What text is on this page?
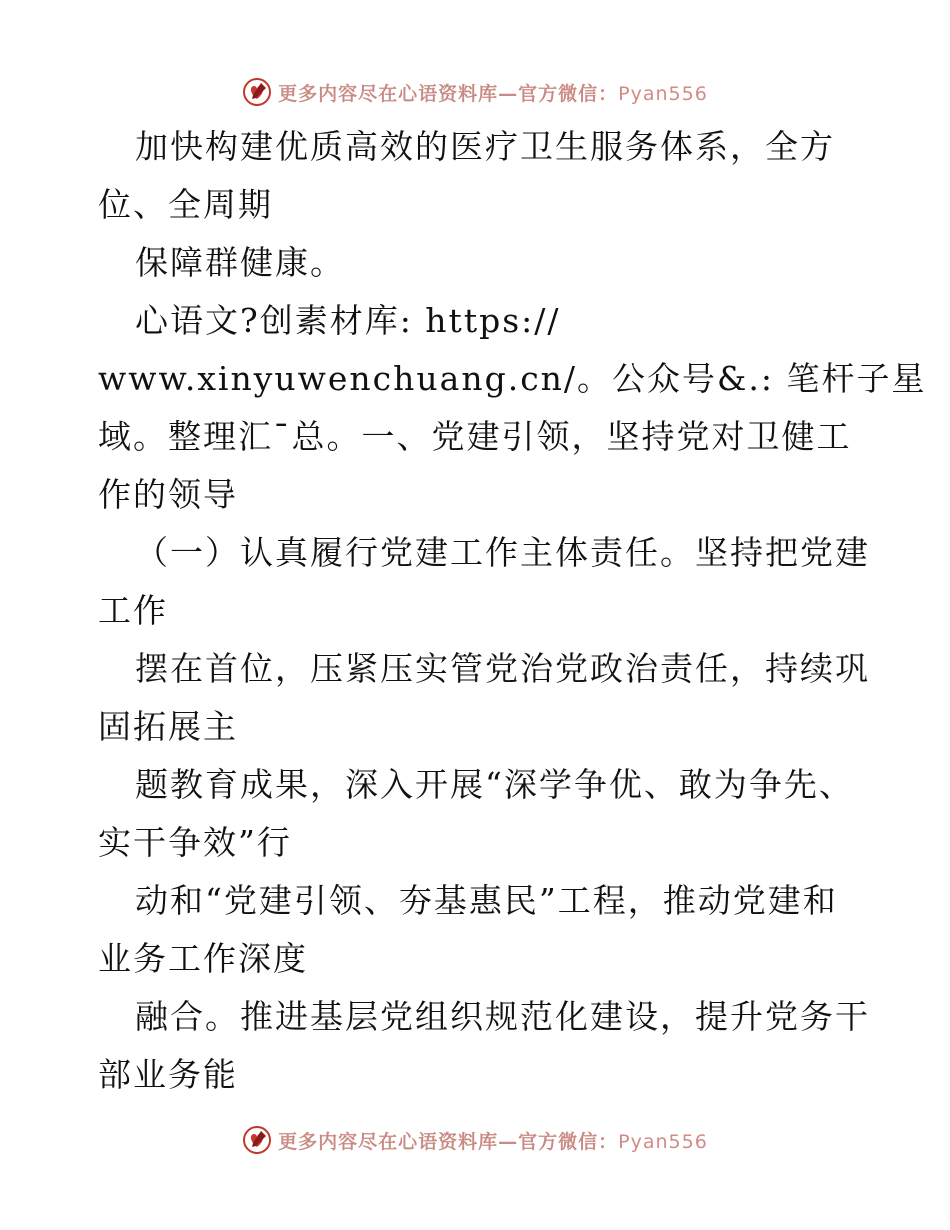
更多内容尽在心语资料库—官方微信：Pyan556
加快构建优质高效的医疗卫生服务体系，全方
位、全周期
保障群健康。
心语文?创素材库: https://
www.xinyuwenchuang.cn/。公众号&.: 笔杆子星
域。整理汇¯总。一、党建引领，坚持党对卫健工
作的领导
（一）认真履行党建工作主体责任。坚持把党建
工作
摆在首位，压紧压实管党治党政治责任，持续巩
固拓展主
题教育成果，深入开展“深学争优、敢为争先、
实干争效”行
动和“党建引领、夯基惠民”工程，推动党建和
业务工作深度
融合。推进基层党组织规范化建设，提升党务干
部业务能
更多内容尽在心语资料库—官方微信：Pyan556
